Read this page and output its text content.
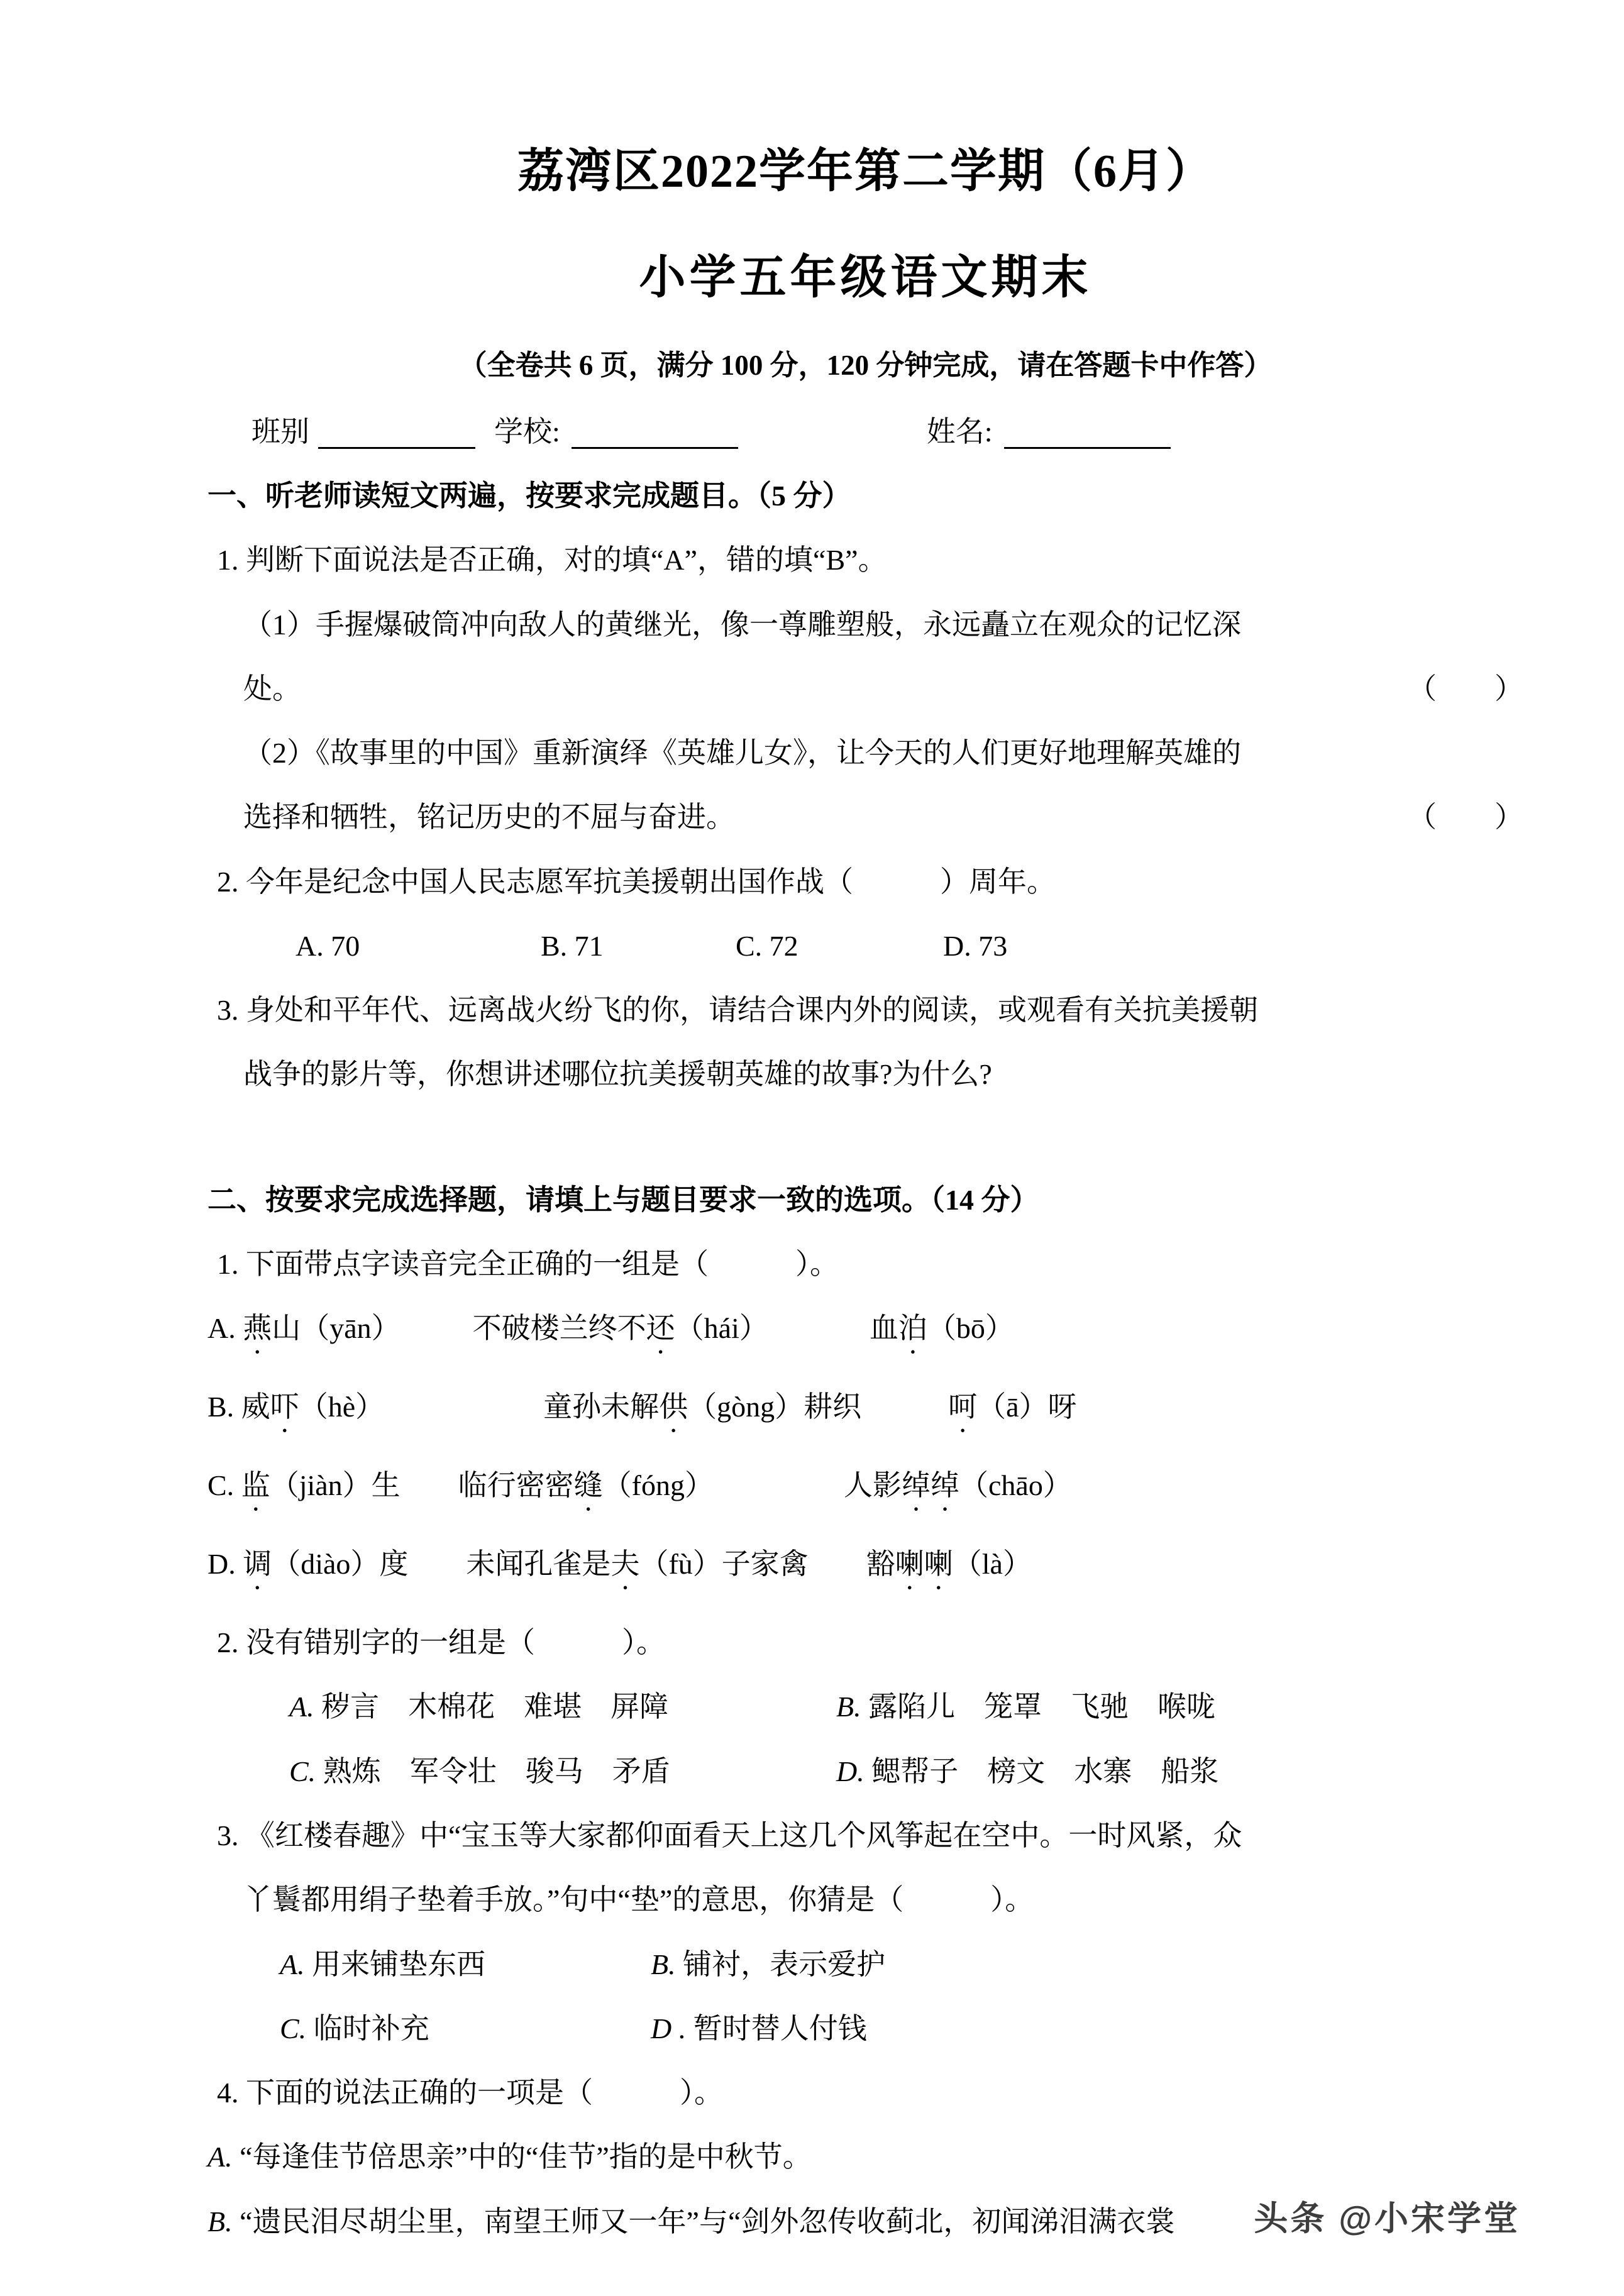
荔湾区2022学年第二学期（6月）
小学五年级语文期末
（全卷共 6 页，满分 100 分，120 分钟完成，请在答题卡中作答）
班别	学校:	姓名:
一、听老师读短文两遍，按要求完成题目。（5 分）
1. 判断下面说法是否正确，对的填“A”，错的填“B”。
（1）手握爆破筒冲向敌人的黄继光，像一尊雕塑般，永远矗立在观众的记忆深
处。	（　　）
（2）《故事里的中国》重新演绎《英雄儿女》，让今天的人们更好地理解英雄的
选择和牺牲，铭记历史的不屈与奋进。	（　　）
2. 今年是纪念中国人民志愿军抗美援朝出国作战（　　　）周年。
A. 70	B. 71	C. 72	D. 73
3. 身处和平年代、远离战火纷飞的你，请结合课内外的阅读，或观看有关抗美援朝
战争的影片等，你想讲述哪位抗美援朝英雄的故事?为什么?
二、按要求完成选择题，请填上与题目要求一致的选项。（14 分）
1. 下面带点字读音完全正确的一组是（　　　）。
A. 燕山（yān）　　　不破楼兰终不还（hái）　　　　血泊（bō）
B. 威吓（hè）　　　　　　童孙未解供（gòng）耕织　　　呵（ā）呀
C. 监（jiàn）生　　临行密密缝（fóng）　　　　　人影绰绰（chāo）
D. 调（diào）度　　未闻孔雀是夫（fù）子家禽　　豁喇喇（là）
2. 没有错别字的一组是（　　　）。
A. 秽言　木棉花　难堪　屏障	B. 露陷儿　笼罩　飞驰　喉咙
C. 熟炼　军令壮　骏马　矛盾	D. 鳃帮子　榜文　水寨　船浆
3. 《红楼春趣》中“宝玉等大家都仰面看天上这几个风筝起在空中。一时风紧，众
丫鬟都用绢子垫着手放。”句中“垫”的意思，你猜是（　　　）。
A. 用来铺垫东西	B. 铺衬，表示爱护
C. 临时补充	D . 暂时替人付钱
4. 下面的说法正确的一项是（　　　）。
A. “每逢佳节倍思亲”中的“佳节”指的是中秋节。
B. “遗民泪尽胡尘里，南望王师又一年”与“剑外忽传收蓟北，初闻涕泪满衣裳	头条 @小宋学堂
